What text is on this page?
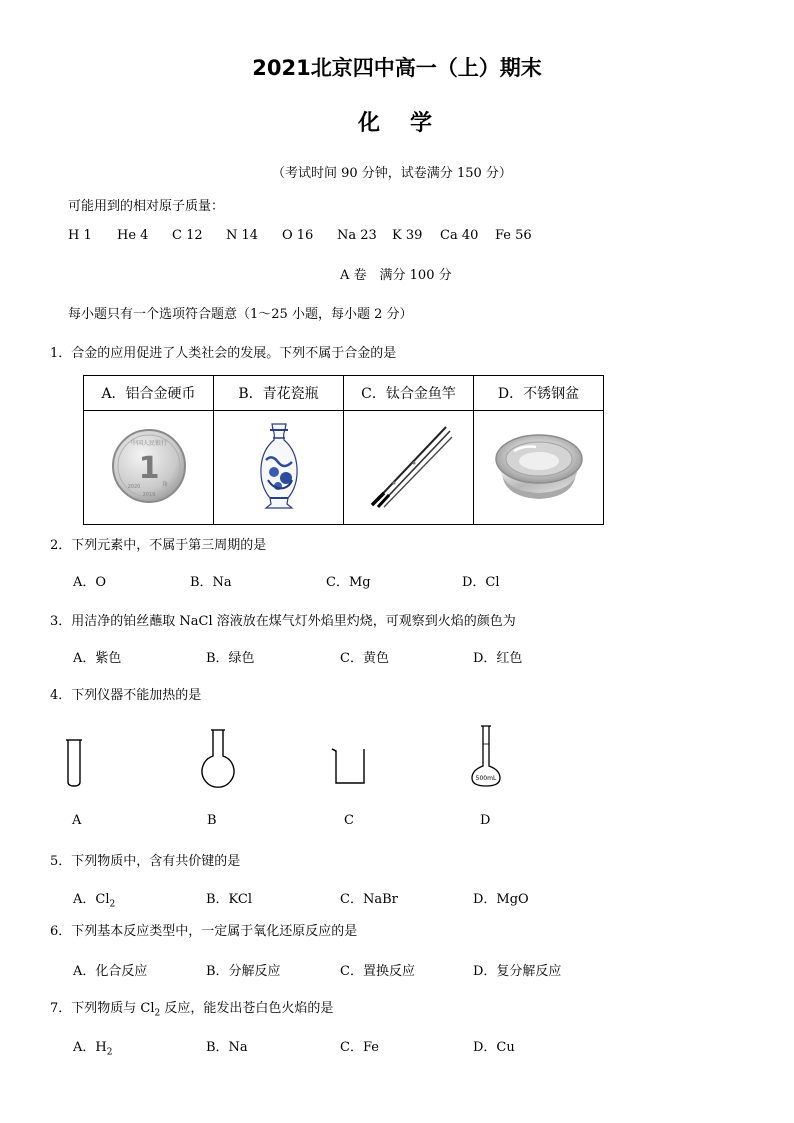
2021北京四中高一（上）期末
化　学
（考试时间 90 分钟，试卷满分 150 分）
可能用到的相对原子质量：
H 1 He 4 C 12 N 14 O 16 Na 23 K 39 Ca 40 Fe 56
A 卷　满分 100 分
每小题只有一个选项符合题意（1～25 小题，每小题 2 分）
1．合金的应用促进了人类社会的发展。下列不属于合金的是
A．铝合金硬币	B．青花瓷瓶	C．钛合金鱼竿	D．不锈钢盆

1
中国人民银行
2020 角
2019

2．下列元素中，不属于第三周期的是
A．O	B．Na	C．Mg	D．Cl
3．用洁净的铂丝蘸取 NaCl 溶液放在煤气灯外焰里灼烧，可观察到火焰的颜色为
A．紫色	B．绿色	C．黄色	D．红色
4．下列仪器不能加热的是
500mL
A	B	C	D
5．下列物质中，含有共价键的是
A．$Cl_2$	B．KCl	C．NaBr	D．MgO
6．下列基本反应类型中，一定属于氧化还原反应的是
A．化合反应	B．分解反应	C．置换反应	D．复分解反应
7．下列物质与 $Cl_2$ 反应，能发出苍白色火焰的是
A．$H_2$	B．Na	C．Fe	D．Cu
